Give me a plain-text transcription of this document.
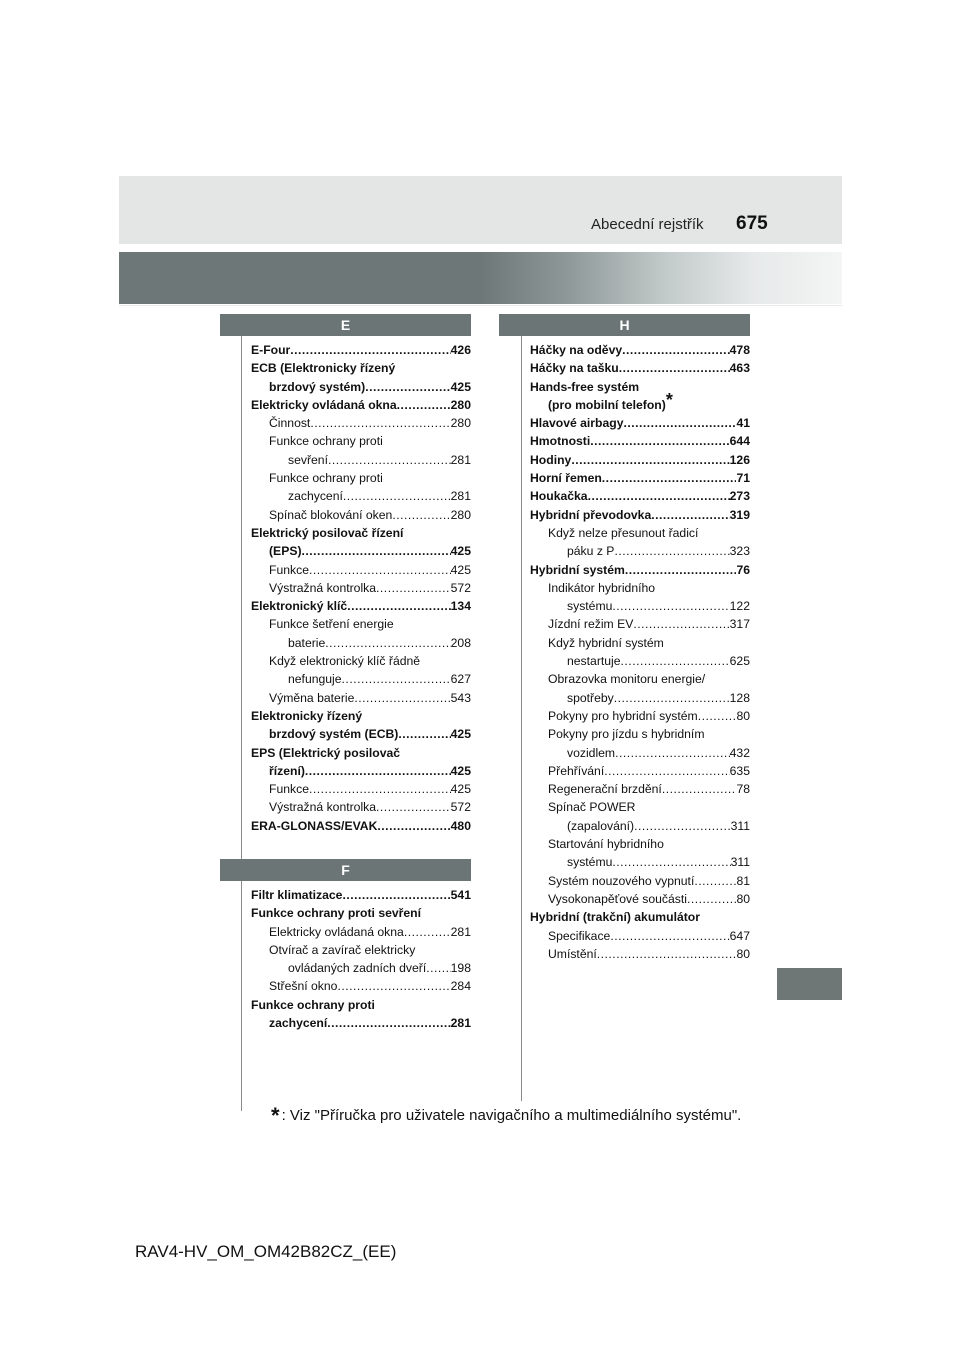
Abecední rejstřík 675
E
E-Four .....	426
ECB (Elektronicky řízený
brzdový systém) .....	425
Elektricky ovládaná okna .....	280
Činnost .....	280
Funkce ochrany proti
sevření .....	281
Funkce ochrany proti
zachycení .....	281
Spínač blokování oken .....	280
Elektrický posilovač řízení
(EPS) .....	425
Funkce .....	425
Výstražná kontrolka .....	572
Elektronický klíč .....	134
Funkce šetření energie
baterie .....	208
Když elektronický klíč řádně
nefunguje .....	627
Výměna baterie .....	543
Elektronicky řízený
brzdový systém (ECB) .....	425
EPS (Elektrický posilovač
řízení) .....	425
Funkce .....	425
Výstražná kontrolka .....	572
ERA-GLONASS/EVAK .....	480
F
Filtr klimatizace .....	541
Funkce ochrany proti sevření
Elektricky ovládaná okna .....	281
Otvírač a zavírač elektricky
ovládaných zadních dveří ..... 198
Střešní okno .....	284
Funkce ochrany proti
zachycení .....	281
H
Háčky na oděvy .....	478
Háčky na tašku .....	463
Hands-free systém
(pro mobilní telefon)*
Hlavové airbagy .....	41
Hmotnosti .....	644
Hodiny .....	126
Horní řemen .....	71
Houkačka .....	273
Hybridní převodovka .....	319
Když nelze přesunout řadicí
páku z P .....	323
Hybridní systém .....	76
Indikátor hybridního
systému .....	122
Jízdní režim EV .....	317
Když hybridní systém
nestartuje .....	625
Obrazovka monitoru energie/
spotřeby .....	128
Pokyny pro hybridní systém .....	80
Pokyny pro jízdu s hybridním
vozidlem .....	432
Přehřívání .....	635
Regenerační brzdění .....	78
Spínač POWER
(zapalování) .....	311
Startování hybridního
systému .....	311
Systém nouzového vypnutí .....	81
Vysokonapěťové součásti .....	80
Hybridní (trakční) akumulátor
Specifikace .....	647
Umístění .....	80
* : Viz "Příručka pro uživatele navigačního a multimediálního systému".
RAV4-HV_OM_OM42B82CZ_(EE)
